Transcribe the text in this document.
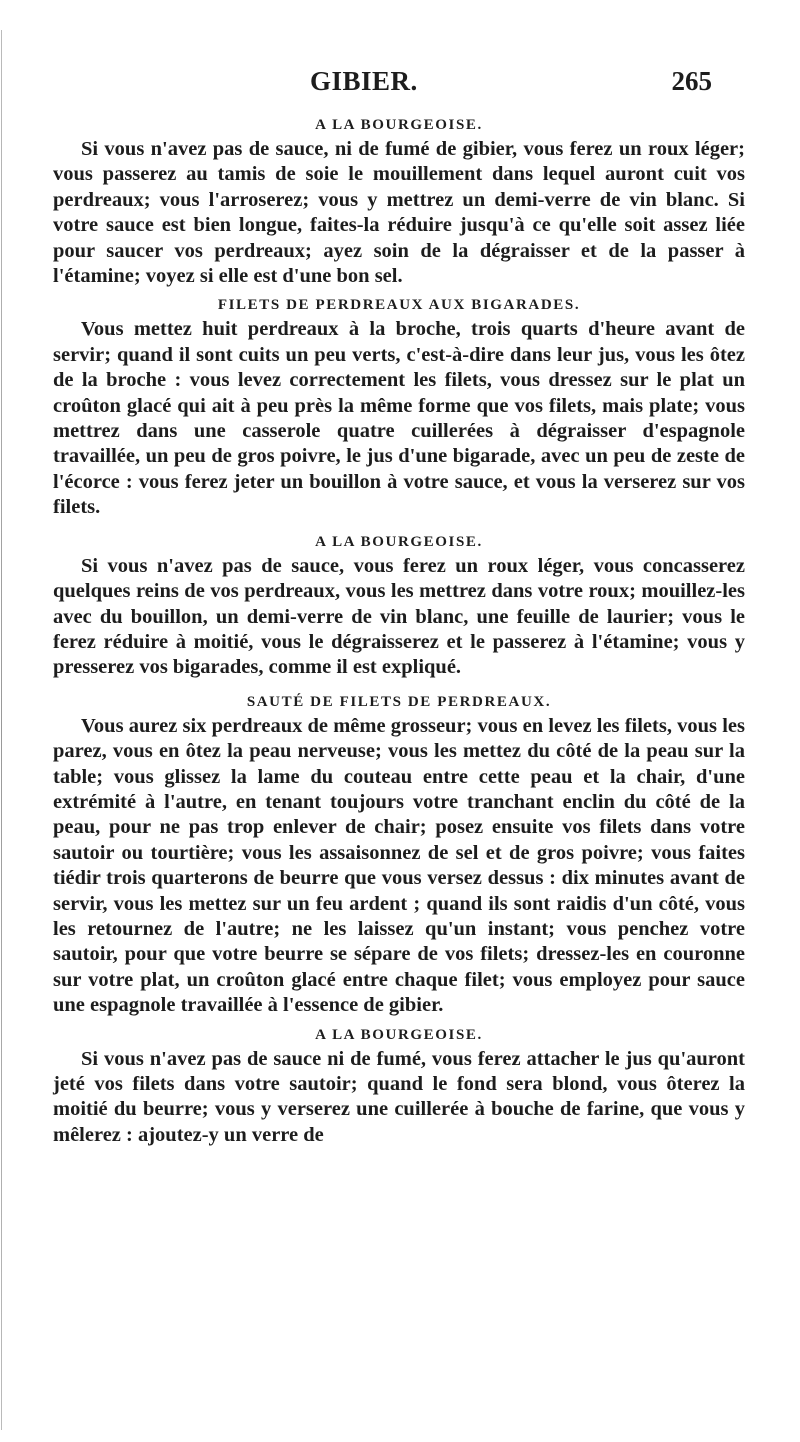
GIBIER.	265
A LA BOURGEOISE.

Si vous n'avez pas de sauce, ni de fumé de gibier, vous ferez un roux léger; vous passerez au tamis de soie le mouillement dans lequel auront cuit vos perdreaux; vous l'arroserez; vous y mettrez un demi-verre de vin blanc. Si votre sauce est bien longue, faites-la réduire jusqu'à ce qu'elle soit assez liée pour saucer vos perdreaux; ayez soin de la dégraisser et de la passer à l'étamine; voyez si elle est d'une bon sel.

FILETS DE PERDREAUX AUX BIGARADES.

Vous mettez huit perdreaux à la broche, trois quarts d'heure avant de servir; quand il sont cuits un peu verts, c'est-à-dire dans leur jus, vous les ôtez de la broche : vous levez correctement les filets, vous dressez sur le plat un croûton glacé qui ait à peu près la même forme que vos filets, mais plate; vous mettrez dans une casserole quatre cuillerées à dégraisser d'espagnole travaillée, un peu de gros poivre, le jus d'une bigarade, avec un peu de zeste de l'écorce : vous ferez jeter un bouillon à votre sauce, et vous la verserez sur vos filets.

A LA BOURGEOISE.

Si vous n'avez pas de sauce, vous ferez un roux léger, vous concasserez quelques reins de vos perdreaux, vous les mettrez dans votre roux; mouillez-les avec du bouillon, un demi-verre de vin blanc, une feuille de laurier; vous le ferez réduire à moitié, vous le dégraisserez et le passerez à l'étamine; vous y presserez vos bigarades, comme il est expliqué.

SAUTÉ DE FILETS DE PERDREAUX.

Vous aurez six perdreaux de même grosseur; vous en levez les filets, vous les parez, vous en ôtez la peau nerveuse; vous les mettez du côté de la peau sur la table; vous glissez la lame du couteau entre cette peau et la chair, d'une extrémité à l'autre, en tenant toujours votre tranchant enclin du côté de la peau, pour ne pas trop enlever de chair; posez ensuite vos filets dans votre sautoir ou tourtière; vous les assaisonnez de sel et de gros poivre; vous faites tiédir trois quarterons de beurre que vous versez dessus : dix minutes avant de servir, vous les mettez sur un feu ardent ; quand ils sont raidis d'un côté, vous les retournez de l'autre; ne les laissez qu'un instant; vous penchez votre sautoir, pour que votre beurre se sépare de vos filets; dressez-les en couronne sur votre plat, un croûton glacé entre chaque filet; vous employez pour sauce une espagnole travaillée à l'essence de gibier.

A LA BOURGEOISE.

Si vous n'avez pas de sauce ni de fumé, vous ferez attacher le jus qu'auront jeté vos filets dans votre sautoir; quand le fond sera blond, vous ôterez la moitié du beurre; vous y verserez une cuillerée à bouche de farine, que vous y mêlerez : ajoutez-y un verre de
